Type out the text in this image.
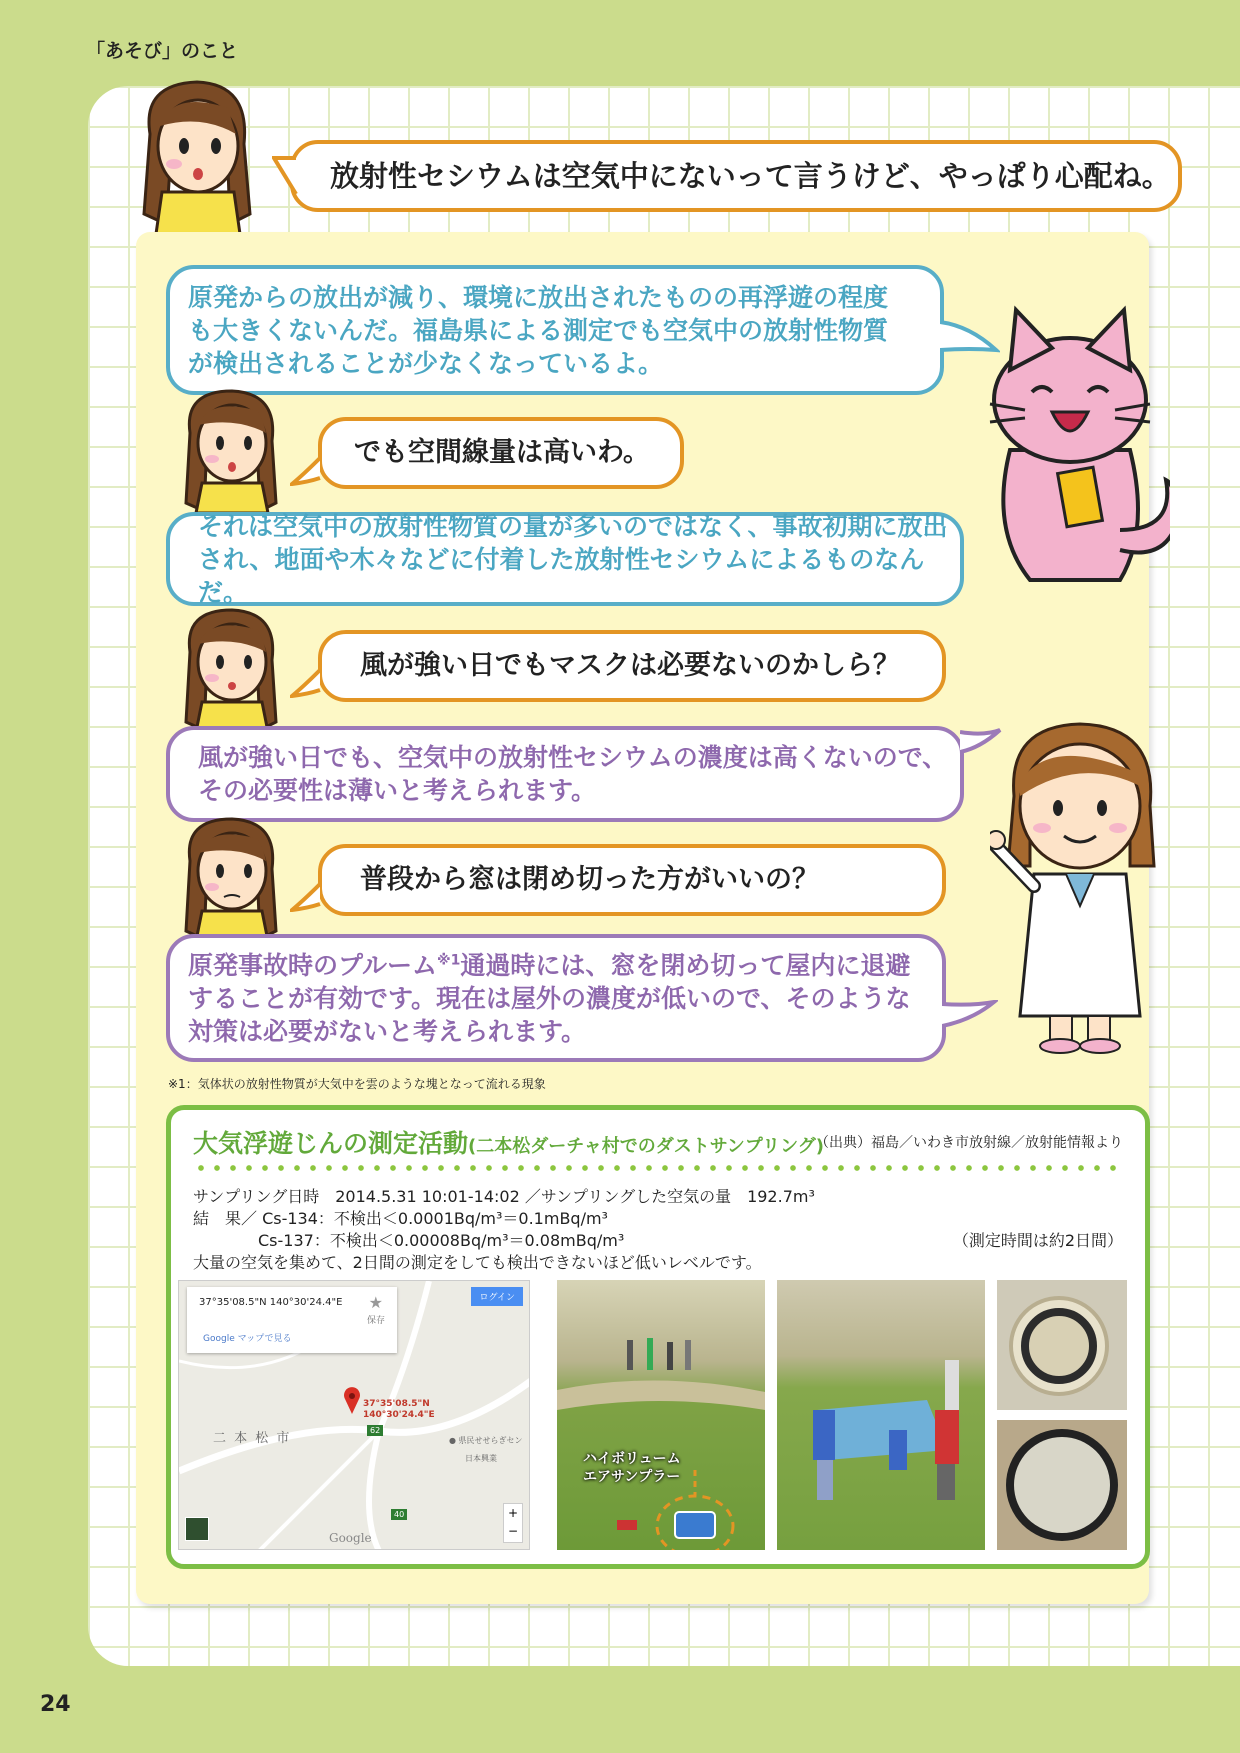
「あそび」のこと
放射性セシウムは空気中にないって言うけど、やっぱり心配ね。
原発からの放出が減り、環境に放出されたものの再浮遊の程度
も大きくないんだ。福島県による測定でも空気中の放射性物質
が検出されることが少なくなっているよ。
でも空間線量は高いわ。
それは空気中の放射性物質の量が多いのではなく、事故初期に放出
され、地面や木々などに付着した放射性セシウムによるものなんだ。
風が強い日でもマスクは必要ないのかしら？
風が強い日でも、空気中の放射性セシウムの濃度は高くないので、
その必要性は薄いと考えられます。
普段から窓は閉め切った方がいいの？
原発事故時のプルーム$^{※1}$通過時には、窓を閉め切って屋内に退避
することが有効です。現在は屋外の濃度が低いので、そのような
対策は必要がないと考えられます。
※1：気体状の放射性物質が大気中を雲のような塊となって流れる現象
大気浮遊じんの測定活動(二本松ダーチャ村でのダストサンプリング)
（出典）福島／いわき市放射線／放射能情報より
サンプリング日時　2014.5.31 10:01-14:02 ／サンプリングした空気の量　192.7m³
結　果／ Cs-134：不検出＜0.0001Bq/m³＝0.1mBq/m³
Cs-137：不検出＜0.00008Bq/m³＝0.08mBq/m³	（測定時間は約2日間）
大量の空気を集めて、2日間の測定をしても検出できないほど低いレベルです。
37°35'08.5"N 140°30'24.4"E ★
保存
Google マップで見る
ログイン
37°35'08.5"N
140°30'24.4"E
二 本 松 市
62
40
● 県民せせらぎセン
日本興業
+
−
Google
ハイボリューム
エアサンプラー
24
